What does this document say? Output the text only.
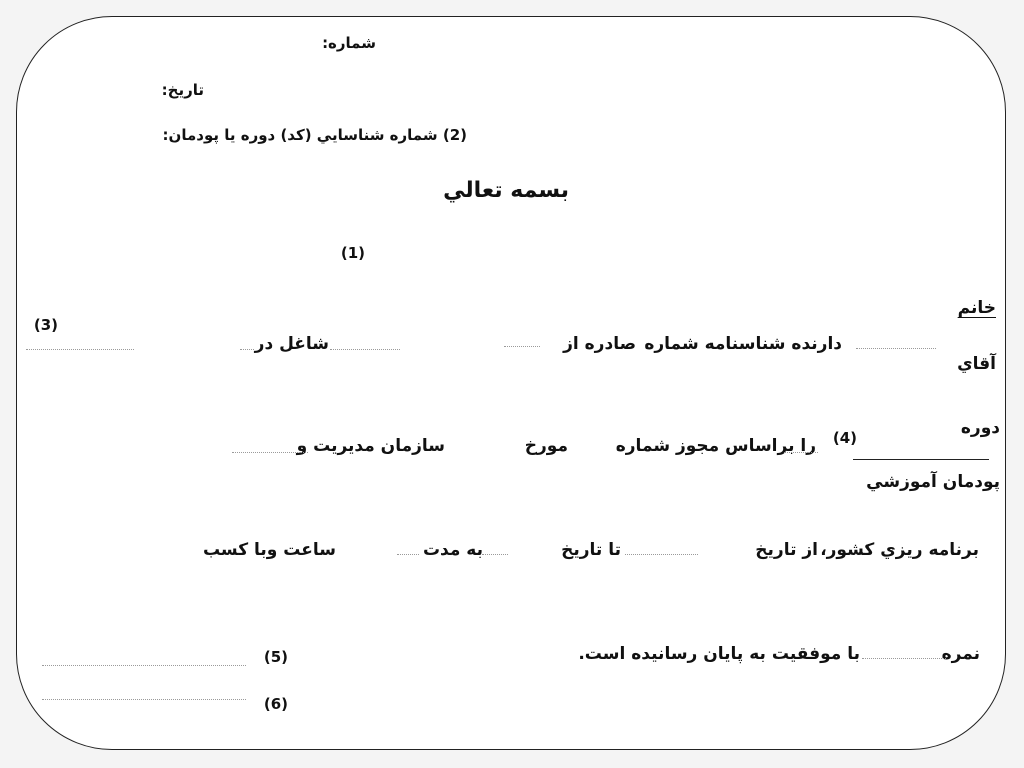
شماره:
تاريخ:
(2) شماره شناسايي (كد) دوره يا پودمان:
بسمه تعالي
(1)
خانم
آقاي
دارنده شناسنامه شماره
صادره از
شاغل در
(3)
دوره
پودمان آموزشي
(4)
را براساس مجوز شماره
مورخ
سازمان مديريت و
برنامه ريزي كشور،
از تاريخ
تا تاريخ
به مدت
ساعت وبا كسب
نمره
با موفقيت به پايان رسانيده است.
(5)
(6)
